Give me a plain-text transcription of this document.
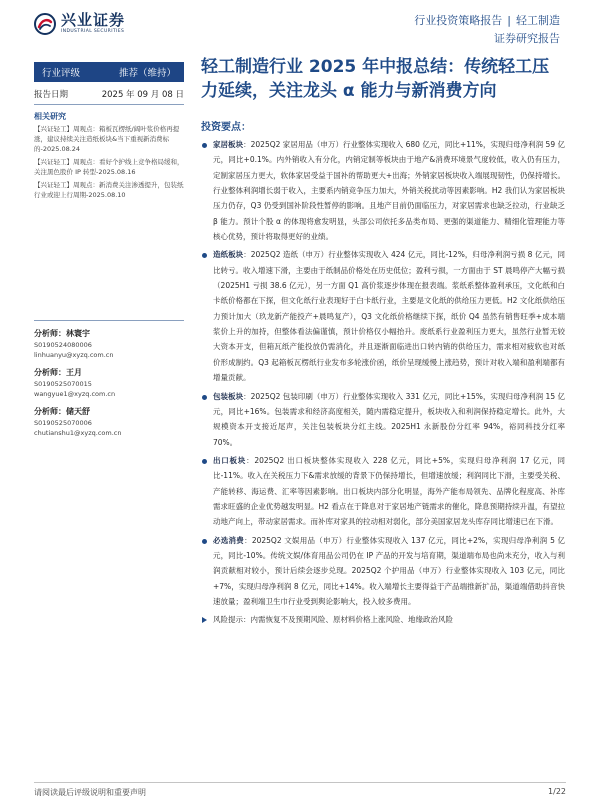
兴业证券
INDUSTRIAL SECURITIES
行业投资策略报告 | 轻工制造
证券研究报告
行业评级	推荐（维持）
报告日期	2025 年 09 月 08 日
相关研究
【兴证轻工】周观点：箱板瓦楞纸/阔叶浆价格再提涨，建议持续关注造纸板块&当下重视新消费标的-2025.08.24
【兴证轻工】周观点：看好个护线上竞争格局缓和，关注黑色股价 IP 转型-2025.08.16
【兴证轻工】周观点：新消费关注渗透提升，包装纸行业或迎上行周期-2025.08.10
分析师：林寰宇
S0190524080006
linhuanyu@xyzq.com.cn
分析师：王月
S0190525070015
wangyue1@xyzq.com.cn
分析师：储天舒
S0190525070006
chutianshu1@xyzq.com.cn
轻工制造行业 2025 年中报总结：传统轻工压力延续，关注龙头 α 能力与新消费方向
投资要点：
家居板块：2025Q2 家居用品（申万）行业整体实现收入 680 亿元，同比+11%，实现归母净利润 59 亿元，同比+0.1%。内外销收入有分化，内销定制等板块由于地产&消费环境景气度较低，收入仍有压力，定制家居压力更大，软体家居受益于国补的帮助更大+出海；外销家居板块收入端展现韧性，仍保持增长。行业整体利润增长弱于收入，主要系内销竞争压力加大，外销关税扰动等因素影响。H2 我们认为家居板块压力仍存，Q3 仍受到国补阶段性暂停的影响。且地产目前仍面临压力，对家居需求也缺乏拉动，行业缺乏 β 能力。预计个股 α 的体现将愈发明显，头部公司依托多品类布局、更强的渠道能力、精细化管理能力等核心优势，预计将取得更好的业绩。
造纸板块：2025Q2 造纸（申万）行业整体实现收入 424 亿元，同比-12%，归母净利润亏损 8 亿元，同比转亏。收入增速下滑，主要由于纸制品价格处在历史低位；盈利亏损，一方面由于 ST 晨鸣停产大幅亏损（2025H1 亏损 38.6 亿元），另一方面 Q1 高价浆逐步体现在报表端。浆纸系整体盈利承压，文化纸和白卡纸价格都在下探，但文化纸行业表现好于白卡纸行业，主要是文化纸的供给压力更低。H2 文化纸供给压力预计加大（玖龙新产能投产+晨鸣复产），Q3 文化纸价格继续下探，纸价 Q4 虽然有销售旺季+成本端浆价上升的加持，但整体看法偏谨慎，预计价格仅小幅抬升。废纸系行业盈利压力更大，虽然行业暂无较大资本开支，但箱瓦纸产能投放仍需消化，并且逐渐面临进出口转内销的供给压力，需求相对疲软也对纸价形成制约。Q3 起箱板瓦楞纸行业发布多轮涨价函，纸价呈现缓慢上涨趋势，预计对收入端和盈利端都有增量贡献。
包装板块：2025Q2 包装印刷（申万）行业整体实现收入 331 亿元，同比+15%，实现归母净利润 15 亿元，同比+16%。包装需求和经济高度相关，随内需稳定提升，板块收入和利润保持稳定增长。此外，大规模资本开支接近尾声，关注包装板块分红主线。2025H1 永新股份分红率 94%，裕同科技分红率 70%。
出口板块：2025Q2 出口板块整体实现收入 228 亿元，同比+5%，实现归母净利润 17 亿元，同比-11%。收入在关税压力下&需求放缓的背景下仍保持增长，但增速放缓；利润同比下滑，主要受关税、产能转移、海运费、汇率等因素影响。出口板块内部分化明显，海外产能布局领先、品牌化程度高、补库需求旺盛的企业优势越发明显。H2 看点在于降息对于家居地产链需求的催化，降息预期持续升温，有望拉动地产向上，带动家居需求。而补库对家具的拉动相对弱化，部分美国家居龙头库存同比增速已在下滑。
必选消费：2025Q2 文娱用品（申万）行业整体实现收入 137 亿元，同比+2%，实现归母净利润 5 亿元，同比-10%。传统文娱/体育用品公司仍在 IP 产品的开发与培育期，渠道端布局也尚未充分，收入与利润贡献相对较小，预计后续会逐步兑现。2025Q2 个护用品（申万）行业整体实现收入 103 亿元，同比+7%，实现归母净利润 8 亿元，同比+14%。收入端增长主要得益于产品端推新扩品，渠道端借助抖音快速放量；盈利端卫生巾行业受到舆论影响大，投入较多费用。
风险提示：内需恢复不及预期风险、原材料价格上涨风险、地缘政治风险
请阅读最后评级说明和重要声明	1/22
